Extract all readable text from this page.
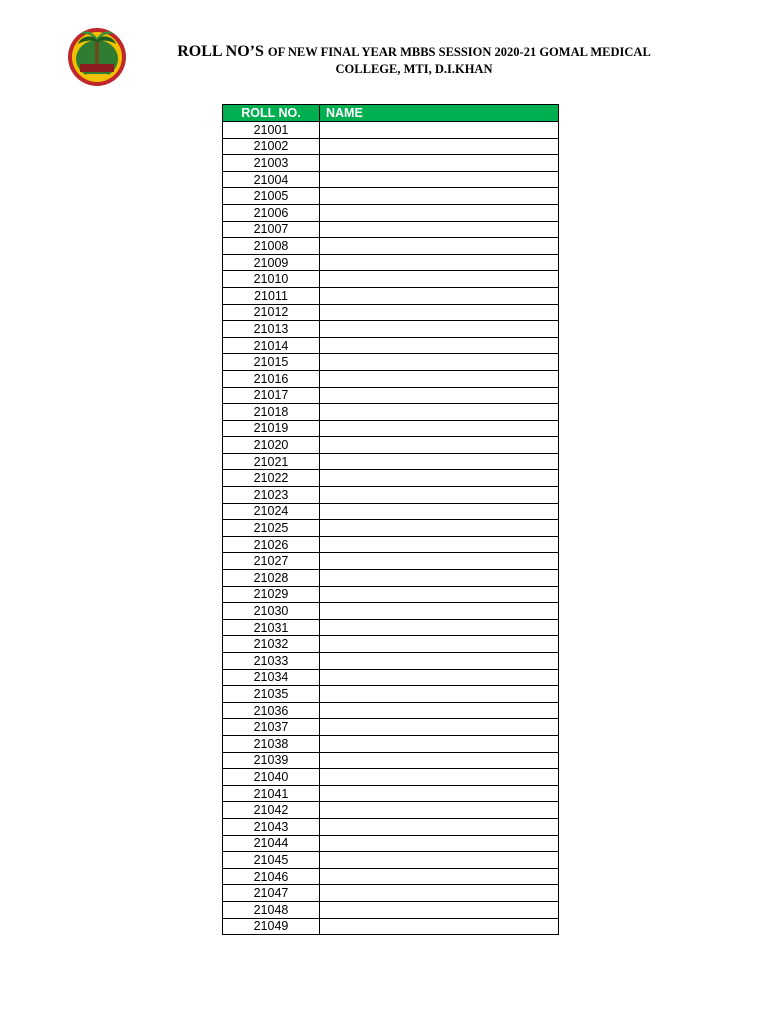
ROLL NO’S OF NEW FINAL YEAR MBBS SESSION 2020-21 GOMAL MEDICAL
COLLEGE, MTI, D.I.KHAN
ROLL NO.	NAME
21001	
21002	
21003	
21004	
21005	
21006	
21007	
21008	
21009	
21010	
21011	
21012	
21013	
21014	
21015	
21016	
21017	
21018	
21019	
21020	
21021	
21022	
21023	
21024	
21025	
21026	
21027	
21028	
21029	
21030	
21031	
21032	
21033	
21034	
21035	
21036	
21037	
21038	
21039	
21040	
21041	
21042	
21043	
21044	
21045	
21046	
21047	
21048	
21049	
